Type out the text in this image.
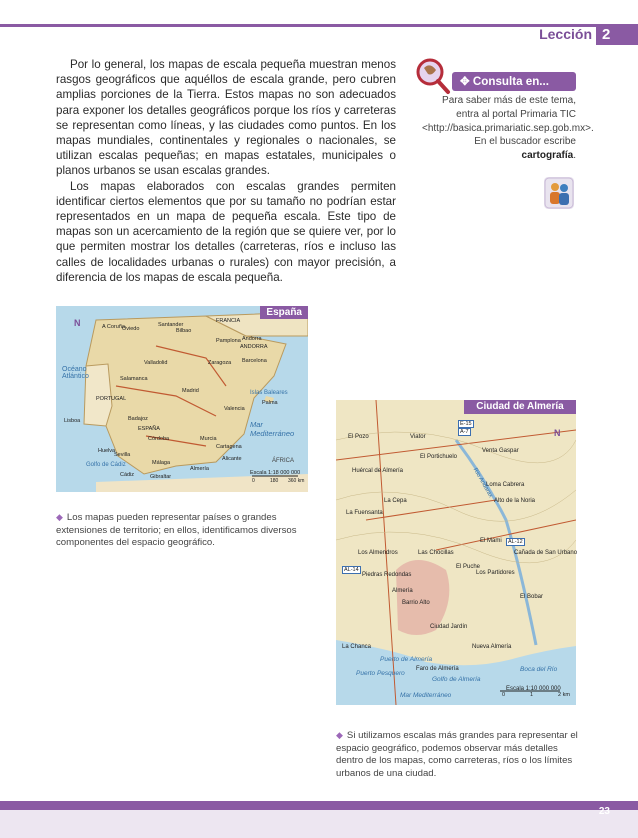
Lección 2

Por lo general, los mapas de escala pequeña muestran menos rasgos geográficos que aquéllos de escala grande, pero cubren amplias porciones de la Tierra. Estos mapas no son adecuados para exponer los detalles geográficos porque los ríos y carreteras se representan como líneas, y las ciudades como puntos. En los mapas mundiales, continentales y regionales o nacionales, se utilizan escalas pequeñas; en mapas estatales, municipales o planos urbanos se usan escalas grandes.

Los mapas elaborados con escalas grandes permiten identificar ciertos elementos que por su tamaño no podrían estar representados en un mapa de pequeña escala. Este tipo de mapas son un acercamiento de la región que se quiere ver, por lo que permiten mostrar los detalles (carreteras, ríos e incluso las calles de localidades urbanas o rurales) con mayor precisión, a diferencia de los mapas de escala pequeña.

✥ Consulta en...
Para saber más de este tema, entra al portal Primaria TIC <http://basica.primariatic.sep.gob.mx>. En el buscador escribe cartografía.
España
N
Océano Atlántico
Mar Mediterráneo
Golfo de Cádiz
Islas Baleares
ÁFRICA
Escala 1:18 000 000
A Coruña
Oviedo
Santander
Bilbao
FRANCIA
Andorra
ANDORRA
Pamplona
Zaragoza Barcelona
Valladolid
Salamanca
PORTUGAL
Madrid
Valencia
Palma
Lisboa	Badajoz
ESPAÑA
Sevilla
Córdoba	Murcia
Alicante
Cartagena
Cádiz
Málaga
Almería
Gibraltar
Huelva
0	180 360 km
◆ Los mapas pueden representar países o grandes extensiones de territorio; en ellos, identificamos diversos componentes del espacio geográfico.
Ciudad de Almería
N
Escala 1:10 000 000
El Pozo	Viator
Huércal de Almería
El Portichuelo
Venta Gaspar
Loma Cabrera
Alto de la Noria
La Cepa
La Fuensanta
El Mami
Los Almendros	Las Chocillas	Cañada de San Urbano
El Puche
Los Partidores
Piedras Redondas
Almería
Barrio Alto
El Bobar
Ciudad Jardín
La Chanca	Nueva Almería
Faro de Almería
E-15
A-7
AL-12
AL-14
Puerto de Almería
Puerto Pesquero
Golfo de Almería
Boca del Río
Mar Mediterráneo
Río Andarax
0	1	2 km
◆ Si utilizamos escalas más grandes para representar el espacio geográfico, podemos observar más detalles dentro de los mapas, como carreteras, ríos o los límites urbanos de una ciudad.
23
